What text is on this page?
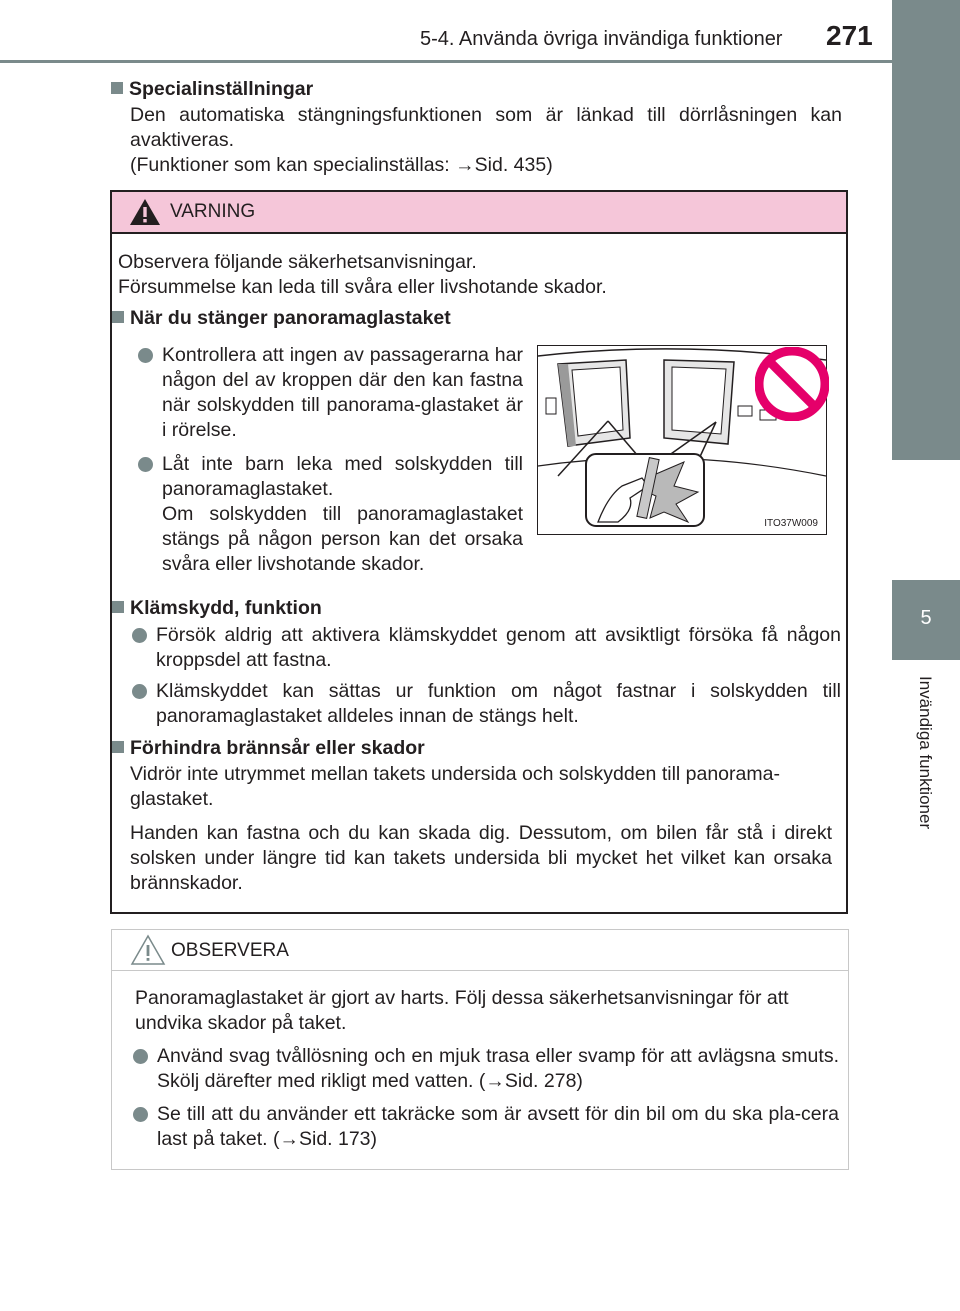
5-4. Använda övriga invändiga funktioner 271
5
Invändiga funktioner
Specialinställningar
Den automatiska stängningsfunktionen som är länkad till dörrlåsningen kan
avaktiveras.
(Funktioner som kan specialinställas: →Sid. 435)
VARNING
Observera följande säkerhetsanvisningar.
Försummelse kan leda till svåra eller livshotande skador.
När du stänger panoramaglastaket
Kontrollera att ingen av passagerarna har någon del av kroppen där den kan fastna när solskydden till panorama-glastaket är i rörelse.
Låt inte barn leka med solskydden till panoramaglastaket.
Om solskydden till panoramaglastaket stängs på någon person kan det orsaka svåra eller livshotande skador.
ITO37W009
Klämskydd, funktion
Försök aldrig att aktivera klämskyddet genom att avsiktligt försöka få någon kroppsdel att fastna.
Klämskyddet kan sättas ur funktion om något fastnar i solskydden till panoramaglastaket alldeles innan de stängs helt.
Förhindra brännsår eller skador
Vidrör inte utrymmet mellan takets undersida och solskydden till panorama-glastaket.
Handen kan fastna och du kan skada dig. Dessutom, om bilen får stå i direkt solsken under längre tid kan takets undersida bli mycket het vilket kan orsaka brännskador.
OBSERVERA
Panoramaglastaket är gjort av harts. Följ dessa säkerhetsanvisningar för att undvika skador på taket.
Använd svag tvållösning och en mjuk trasa eller svamp för att avlägsna smuts. Skölj därefter med rikligt med vatten. (→Sid. 278)
Se till att du använder ett takräcke som är avsett för din bil om du ska pla-cera last på taket. (→Sid. 173)
